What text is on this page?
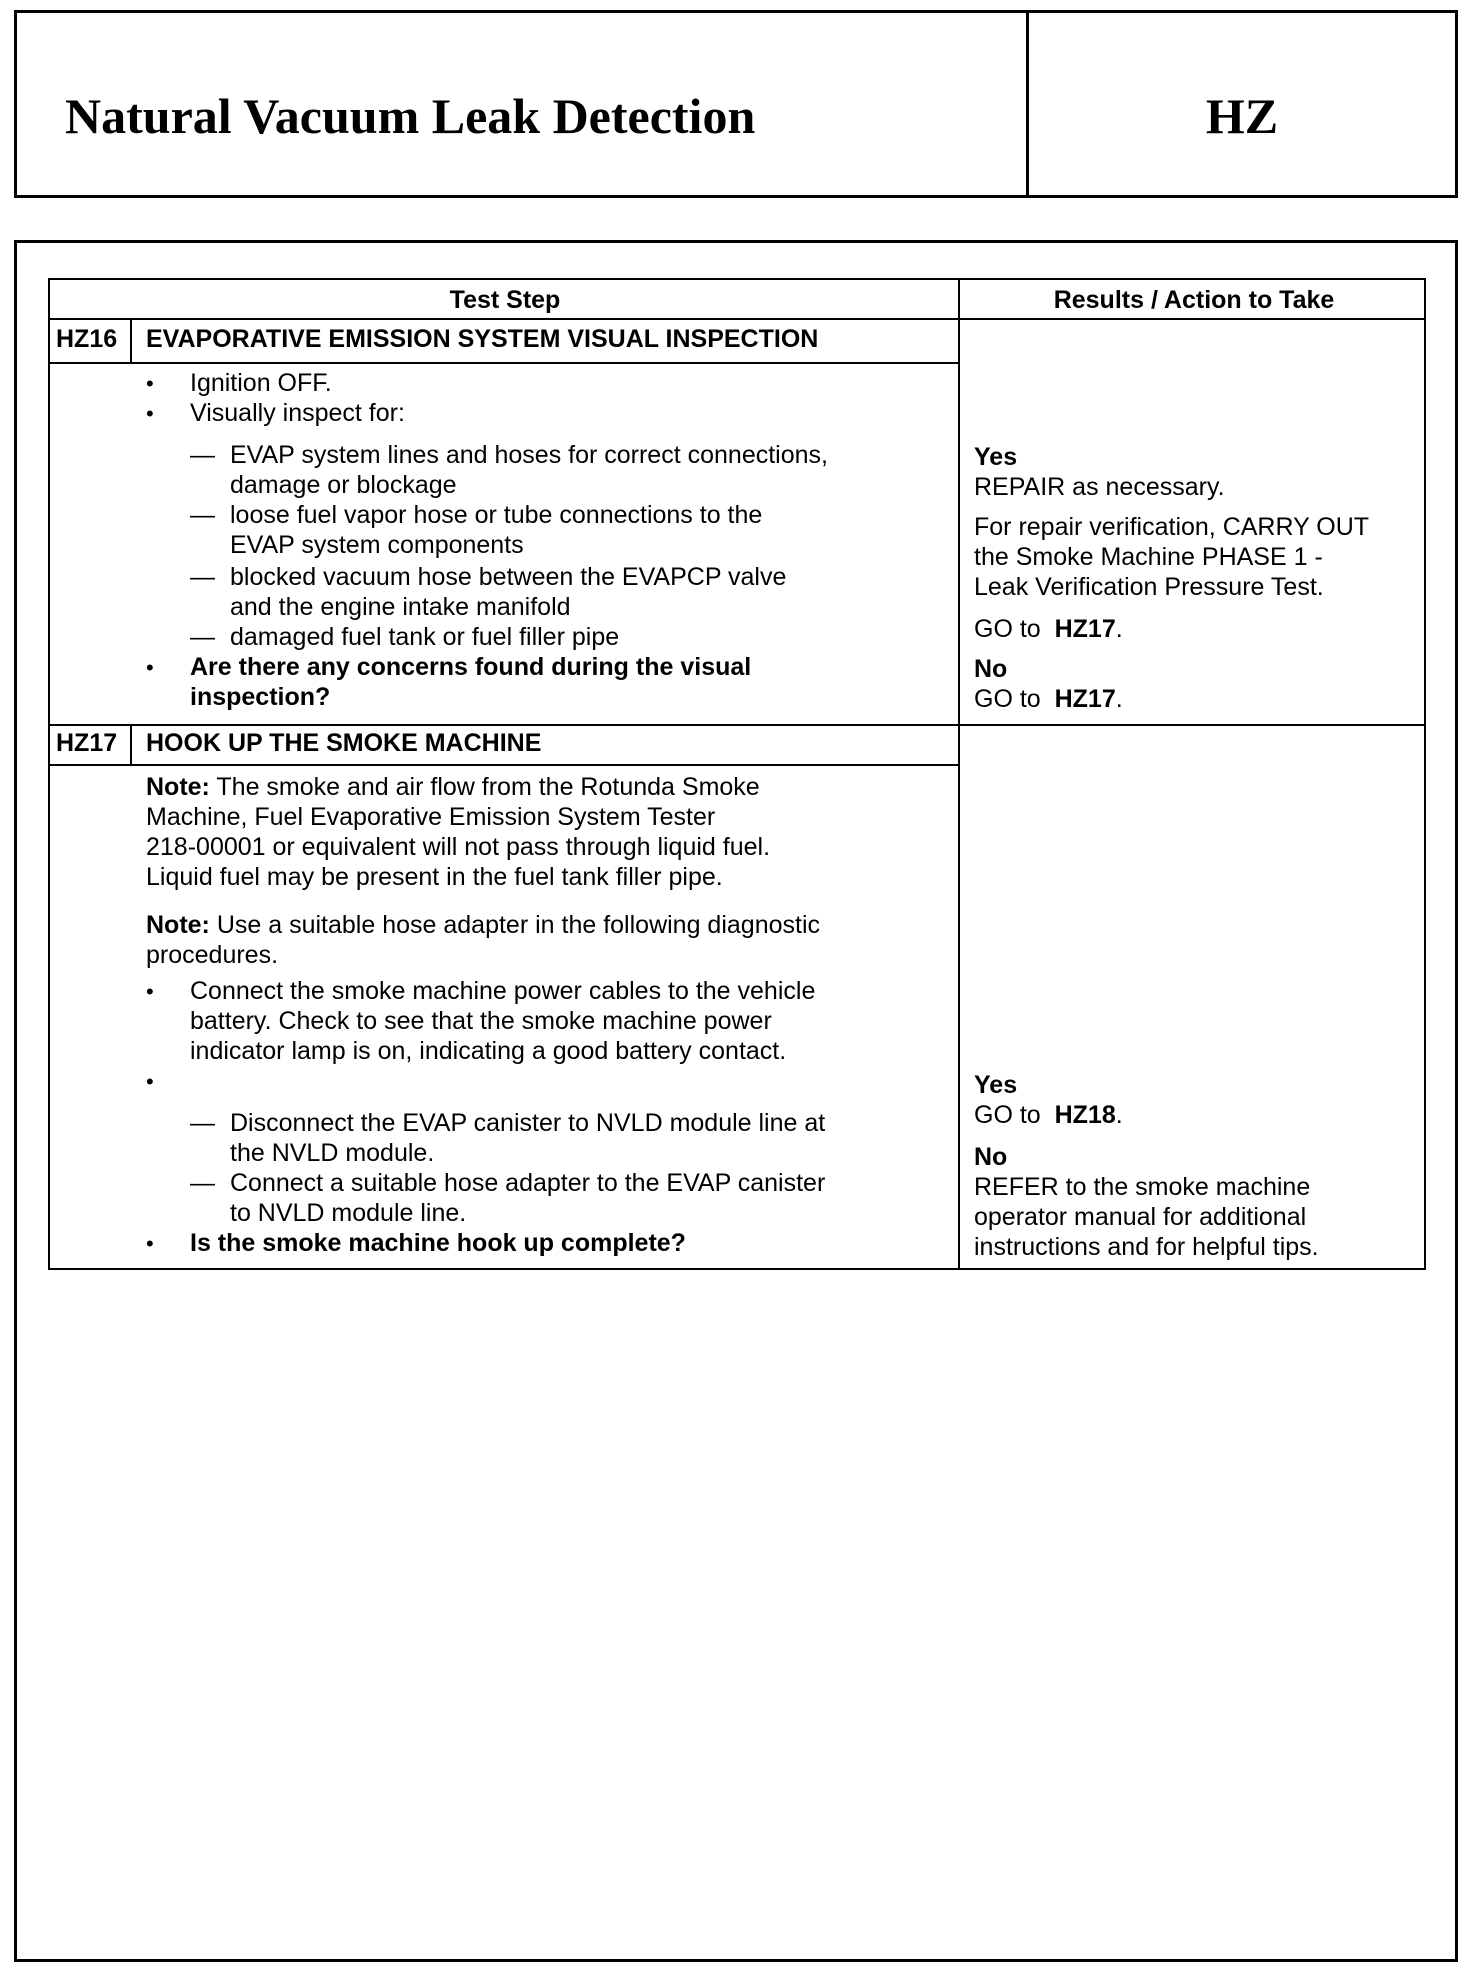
Natural Vacuum Leak Detection	HZ
Test Step	Results / Action to Take
HZ16 EVAPORATIVE EMISSION SYSTEM VISUAL INSPECTION
• Ignition OFF.
• Visually inspect for:
— EVAP system lines and hoses for correct connections,
damage or blockage
— loose fuel vapor hose or tube connections to the
EVAP system components
— blocked vacuum hose between the EVAPCP valve
and the engine intake manifold
— damaged fuel tank or fuel filler pipe
• Are there any concerns found during the visual
inspection?
Yes
REPAIR as necessary.
For repair verification, CARRY OUT
the Smoke Machine PHASE 1 -
Leak Verification Pressure Test.
GO to HZ17.
No
GO to HZ17.
HZ17 HOOK UP THE SMOKE MACHINE
Note: The smoke and air flow from the Rotunda Smoke
Machine, Fuel Evaporative Emission System Tester
218-00001 or equivalent will not pass through liquid fuel.
Liquid fuel may be present in the fuel tank filler pipe.
Note: Use a suitable hose adapter in the following diagnostic
procedures.
• Connect the smoke machine power cables to the vehicle
battery. Check to see that the smoke machine power
indicator lamp is on, indicating a good battery contact.
•
— Disconnect the EVAP canister to NVLD module line at
the NVLD module.
— Connect a suitable hose adapter to the EVAP canister
to NVLD module line.
• Is the smoke machine hook up complete?
Yes
GO to HZ18.
No
REFER to the smoke machine
operator manual for additional
instructions and for helpful tips.
